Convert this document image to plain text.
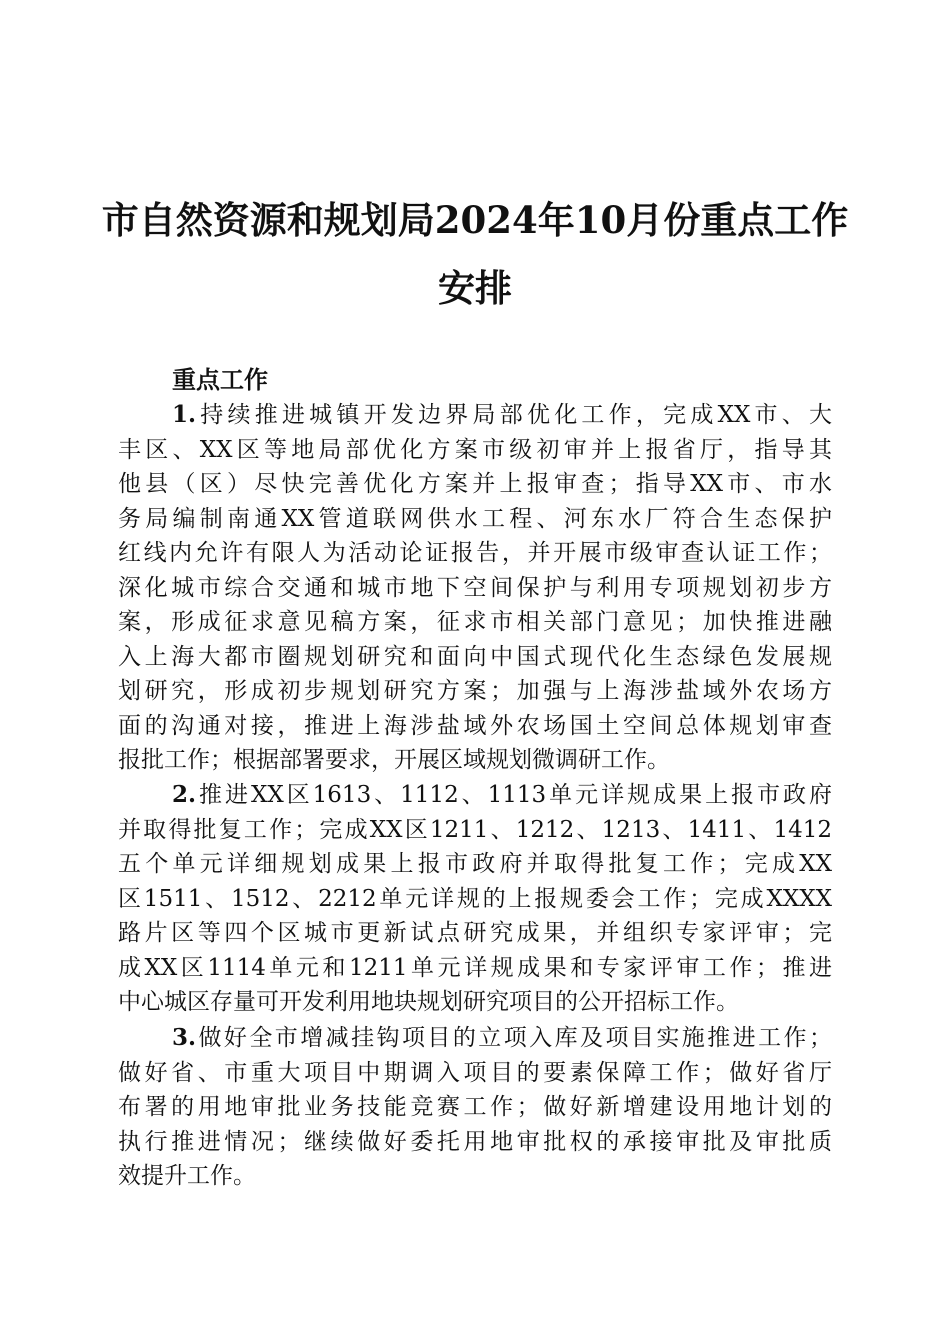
市自然资源和规划局2024年10月份重点工作
安排
重点工作
1.持续推进城镇开发边界局部优化工作，完成XX市、大
丰区、XX区等地局部优化方案市级初审并上报省厅，指导其
他县（区）尽快完善优化方案并上报审查；指导XX市、市水
务局编制南通XX管道联网供水工程、河东水厂符合生态保护
红线内允许有限人为活动论证报告，并开展市级审查认证工作；
深化城市综合交通和城市地下空间保护与利用专项规划初步方
案，形成征求意见稿方案，征求市相关部门意见；加快推进融
入上海大都市圈规划研究和面向中国式现代化生态绿色发展规
划研究，形成初步规划研究方案；加强与上海涉盐域外农场方
面的沟通对接，推进上海涉盐域外农场国土空间总体规划审查
报批工作；根据部署要求，开展区域规划微调研工作。
2.推进XX区1613、1112、1113单元详规成果上报市政府
并取得批复工作；完成XX区1211、1212、1213、1411、1412
五个单元详细规划成果上报市政府并取得批复工作；完成XX
区1511、1512、2212单元详规的上报规委会工作；完成XXXX
路片区等四个区城市更新试点研究成果，并组织专家评审；完
成XX区1114单元和1211单元详规成果和专家评审工作；推进
中心城区存量可开发利用地块规划研究项目的公开招标工作。
3.做好全市增减挂钩项目的立项入库及项目实施推进工作；
做好省、市重大项目中期调入项目的要素保障工作；做好省厅
布署的用地审批业务技能竞赛工作；做好新增建设用地计划的
执行推进情况；继续做好委托用地审批权的承接审批及审批质
效提升工作。
